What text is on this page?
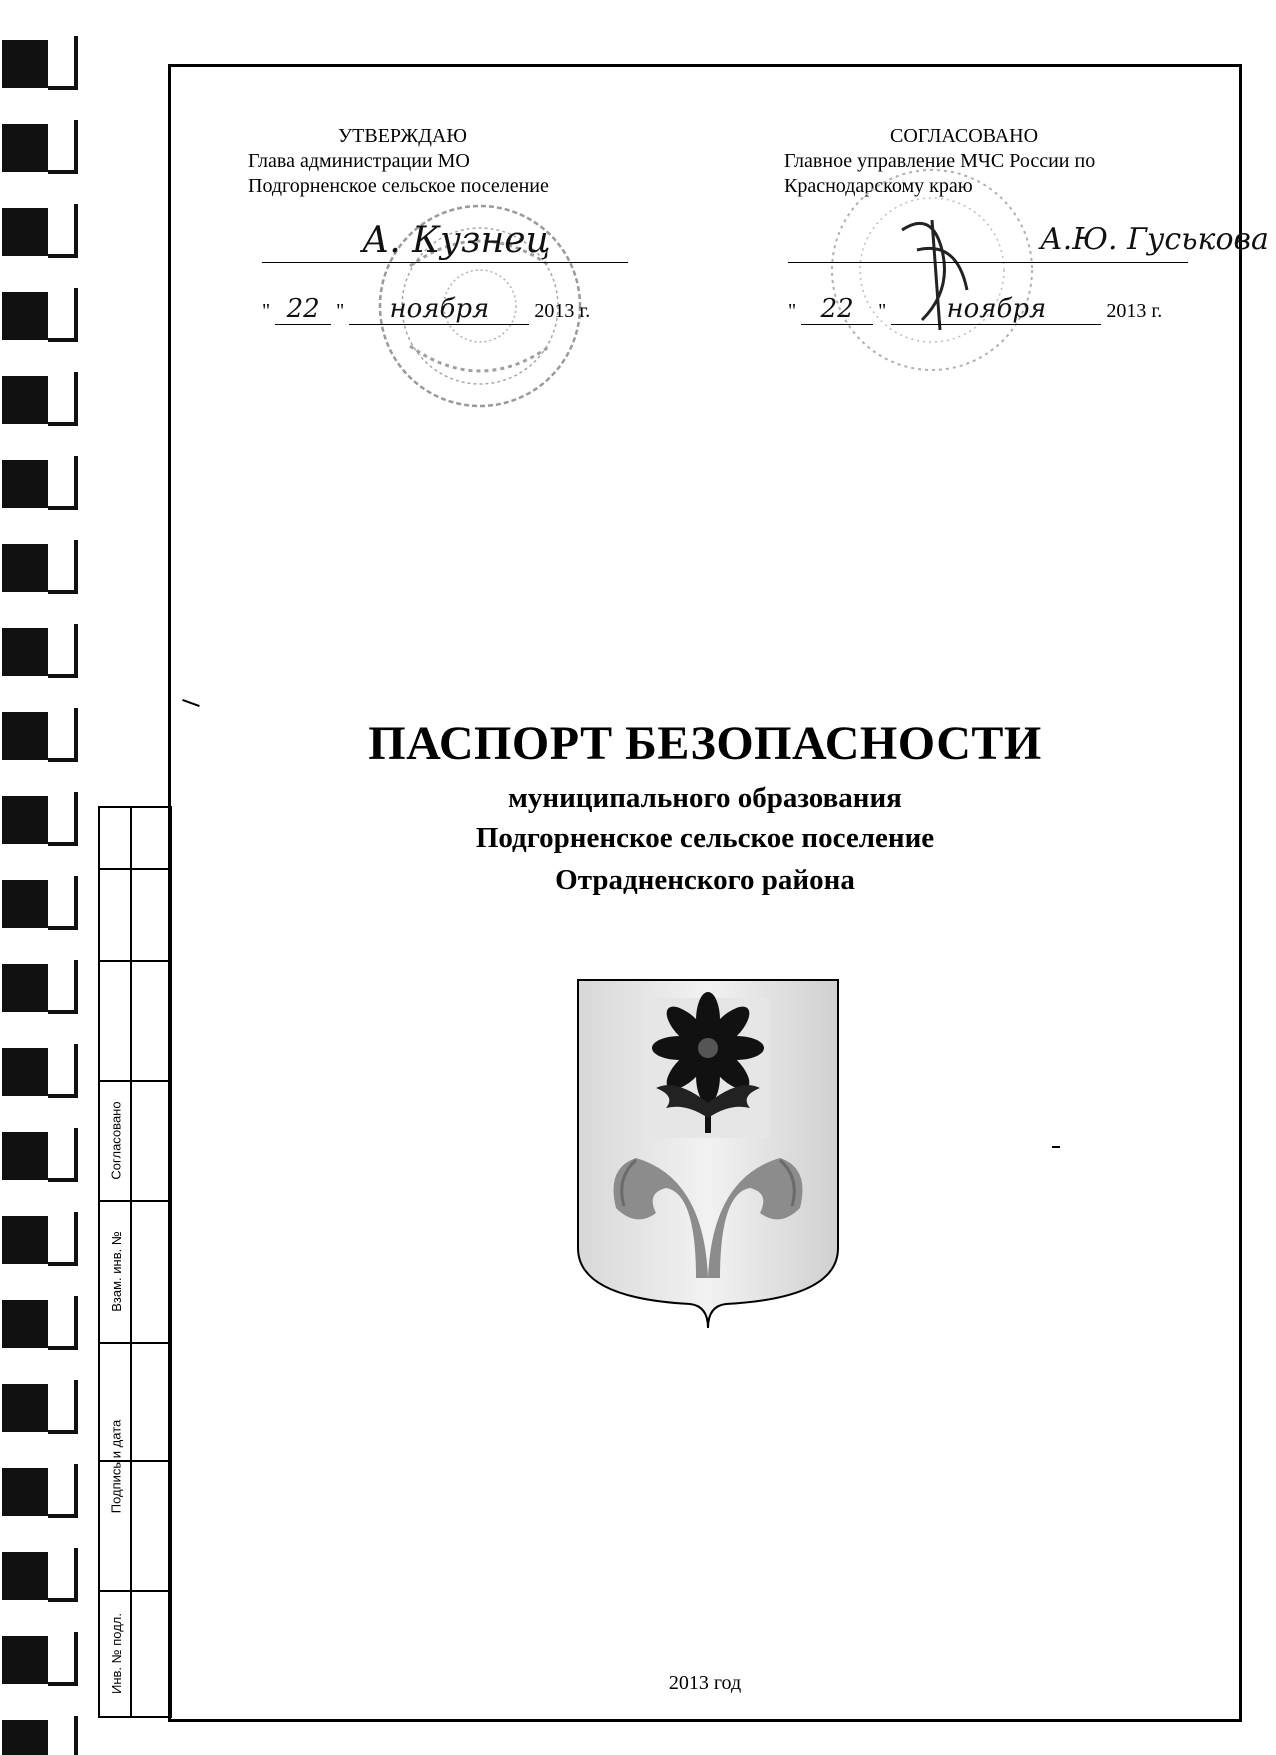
Согласовано
Взам. инв. №
Подпись и дата
Инв. № подл.
УТВЕРЖДАЮ
Глава администрации МО
Подгорненское сельское поселение
А. Кузнец
" 22 " ноября 2013 г.
СОГЛАСОВАНО
Главное управление МЧС России по
Краснодарскому краю
А.Ю. Гуськова
" 22 " ноября	2013 г.
ПАСПОРТ БЕЗОПАСНОСТИ
муниципального образования
Подгорненское сельское поселение
Отрадненского района
2013 год
